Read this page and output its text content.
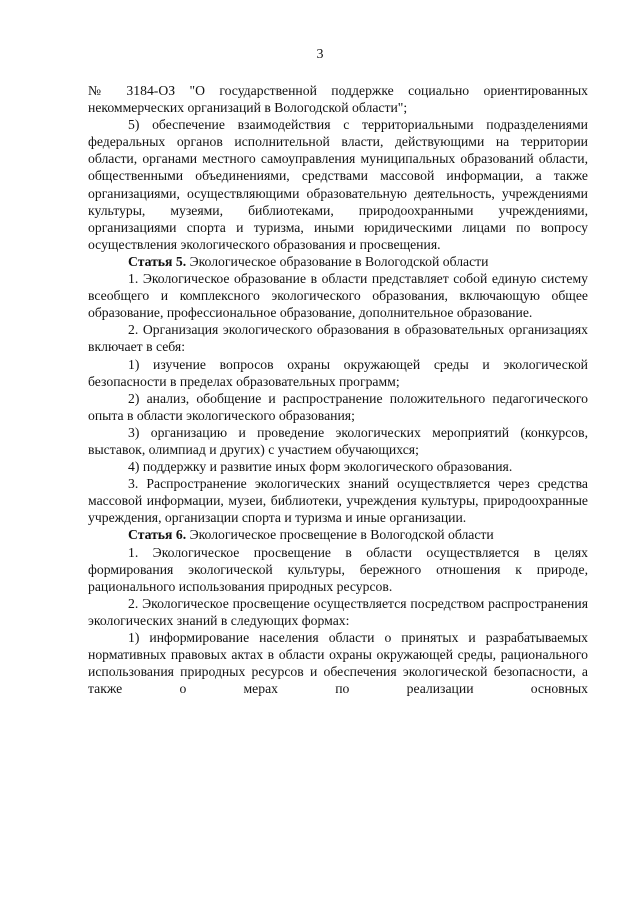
3

№ 3184-ОЗ "О государственной поддержке социально ориентированных некоммерческих организаций в Вологодской области";

5) обеспечение взаимодействия с территориальными подразделениями федеральных органов исполнительной власти, действующими на территории области, органами местного самоуправления муниципальных образований области, общественными объединениями, средствами массовой информации, а также организациями, осуществляющими образовательную деятельность, учреждениями культуры, музеями, библиотеками, природоохранными учреждениями, организациями спорта и туризма, иными юридическими лицами по вопросу осуществления экологического образования и просвещения.

Статья 5. Экологическое образование в Вологодской области

1. Экологическое образование в области представляет собой единую систему всеобщего и комплексного экологического образования, включающую общее образование, профессиональное образование, дополнительное образование.

2. Организация экологического образования в образовательных организациях включает в себя:

1) изучение вопросов охраны окружающей среды и экологической безопасности в пределах образовательных программ;

2) анализ, обобщение и распространение положительного педагогического опыта в области экологического образования;

3) организацию и проведение экологических мероприятий (конкурсов, выставок, олимпиад и других) с участием обучающихся;

4) поддержку и развитие иных форм экологического образования.

3. Распространение экологических знаний осуществляется через средства массовой информации, музеи, библиотеки, учреждения культуры, природоохранные учреждения, организации спорта и туризма и иные организации.

Статья 6. Экологическое просвещение в Вологодской области

1. Экологическое просвещение в области осуществляется в целях формирования экологической культуры, бережного отношения к природе, рационального использования природных ресурсов.

2. Экологическое просвещение осуществляется посредством распространения экологических знаний в следующих формах:

1) информирование населения области о принятых и разрабатываемых нормативных правовых актах в области охраны окружающей среды, рационального использования природных ресурсов и обеспечения экологической безопасности, а также о мерах по реализации основных
